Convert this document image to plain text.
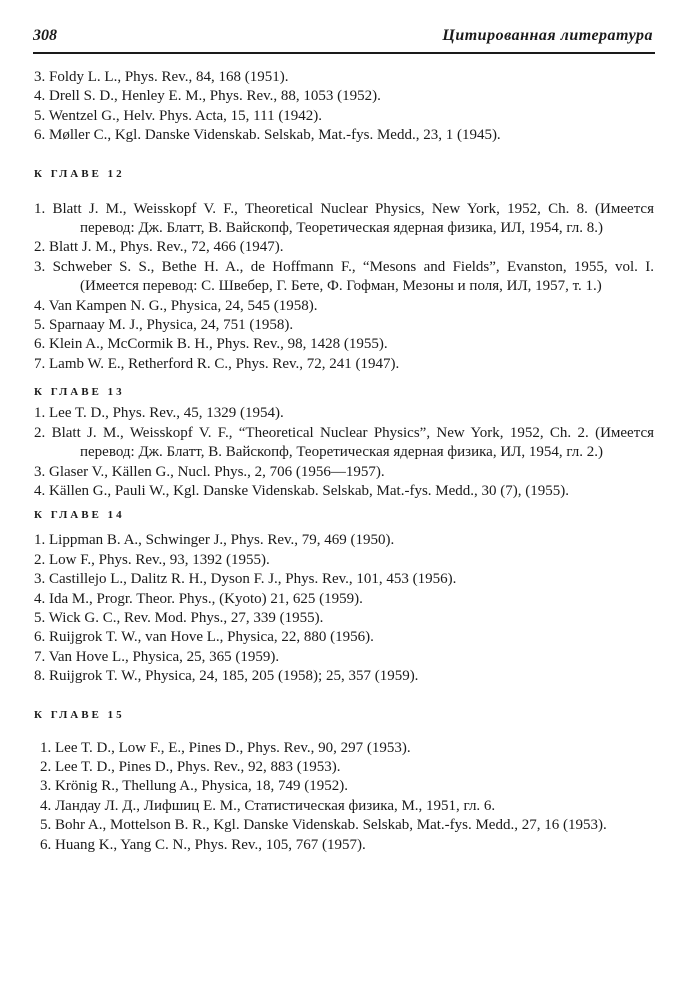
308	Цитированная литература
3. Foldy L. L., Phys. Rev., 84, 168 (1951).
4. Drell S. D., Henley E. M., Phys. Rev., 88, 1053 (1952).
5. Wentzel G., Helv. Phys. Acta, 15, 111 (1942).
6. Møller C., Kgl. Danske Videnskab. Selskab, Mat.-fys. Medd., 23, 1 (1945).
К ГЛАВЕ 12
1. Blatt J. M., Weisskopf V. F., Theoretical Nuclear Physics, New York, 1952, Ch. 8. (Имеется перевод: Дж. Блатт, В. Вайскопф, Теоретическая ядерная физика, ИЛ, 1954, гл. 8.)
2. Blatt J. M., Phys. Rev., 72, 466 (1947).
3. Schweber S. S., Bethe H. A., de Hoffmann F., “Mesons and Fields”, Evanston, 1955, vol. I. (Имеется перевод: С. Швебер, Г. Бете, Ф. Гофман, Мезоны и поля, ИЛ, 1957, т. 1.)
4. Van Kampen N. G., Physica, 24, 545 (1958).
5. Sparnaay M. J., Physica, 24, 751 (1958).
6. Klein A., McCormik B. H., Phys. Rev., 98, 1428 (1955).
7. Lamb W. E., Retherford R. C., Phys. Rev., 72, 241 (1947).
К ГЛАВЕ 13
1. Lee T. D., Phys. Rev., 45, 1329 (1954).
2. Blatt J. M., Weisskopf V. F., “Theoretical Nuclear Physics”, New York, 1952, Ch. 2. (Имеется перевод: Дж. Блатт, В. Вайскопф, Теоретическая ядерная физика, ИЛ, 1954, гл. 2.)
3. Glaser V., Källen G., Nucl. Phys., 2, 706 (1956—1957).
4. Källen G., Pauli W., Kgl. Danske Videnskab. Selskab, Mat.-fys. Medd., 30 (7), (1955).
К ГЛАВЕ 14
1. Lippman B. A., Schwinger J., Phys. Rev., 79, 469 (1950).
2. Low F., Phys. Rev., 93, 1392 (1955).
3. Castillejo L., Dalitz R. H., Dyson F. J., Phys. Rev., 101, 453 (1956).
4. Ida M., Progr. Theor. Phys., (Kyoto) 21, 625 (1959).
5. Wick G. C., Rev. Mod. Phys., 27, 339 (1955).
6. Ruijgrok T. W., van Hove L., Physica, 22, 880 (1956).
7. Van Hove L., Physica, 25, 365 (1959).
8. Ruijgrok T. W., Physica, 24, 185, 205 (1958); 25, 357 (1959).
К ГЛАВЕ 15
1. Lee T. D., Low F., E., Pines D., Phys. Rev., 90, 297 (1953).
2. Lee T. D., Pines D., Phys. Rev., 92, 883 (1953).
3. Krönig R., Thellung A., Physica, 18, 749 (1952).
4. Ландау Л. Д., Лифшиц Е. М., Статистическая физика, М., 1951, гл. 6.
5. Bohr A., Mottelson B. R., Kgl. Danske Videnskab. Selskab, Mat.-fys. Medd., 27, 16 (1953).
6. Huang K., Yang C. N., Phys. Rev., 105, 767 (1957).
